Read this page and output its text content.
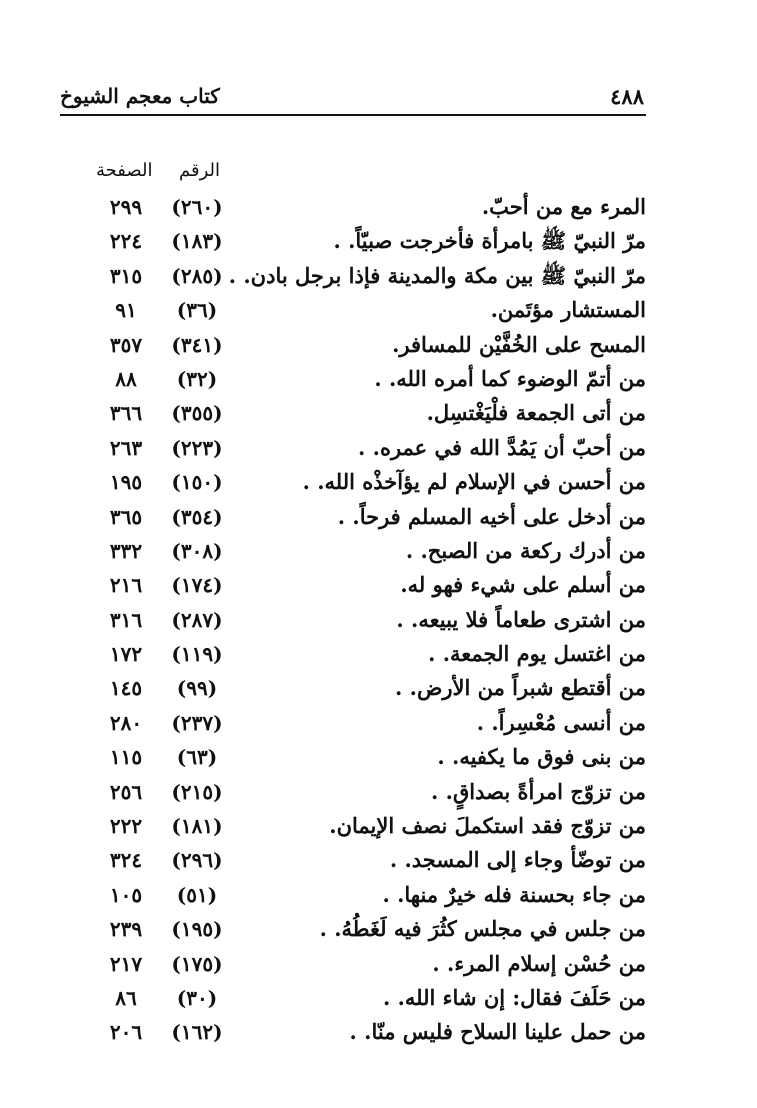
٤٨٨
كتاب معجم الشيوخ
الرقم
الصفحة
المرء مع من أحبّ.
(٢٦٠)
٢٩٩
مرّ النبيّ ﷺ بامرأة فأخرجت صبيّاً. .
(١٨٣)
٢٢٤
مرّ النبيّ ﷺ بين مكة والمدينة فإذا برجل بادن. .
(٢٨٥)
٣١٥
المستشار مؤتَمن.
(٣٦)
٩١
المسح على الخُفَّيْن للمسافر.
(٣٤١)
٣٥٧
من أتمّ الوضوء كما أمره الله. .
(٣٢)
٨٨
من أتى الجمعة فلْيَغْتسِل.
(٣٥٥)
٣٦٦
من أحبّ أن يَمُدَّ الله في عمره. .
(٢٢٣)
٢٦٣
من أحسن في الإسلام لم يؤآخذْه الله. .
(١٥٠)
١٩٥
من أدخل على أخيه المسلم فرحاً. .
(٣٥٤)
٣٦٥
من أدرك ركعة من الصبح. .
(٣٠٨)
٣٣٢
من أسلم على شيء فهو له.
(١٧٤)
٢١٦
من اشترى طعاماً فلا يبيعه. .
(٢٨٧)
٣١٦
من اغتسل يوم الجمعة. .
(١١٩)
١٧٢
من أقتطع شبراً من الأرض. .
(٩٩)
١٤٥
من أنسى مُعْسِراً. .
(٢٣٧)
٢٨٠
من بنى فوق ما يكفيه. .
(٦٣)
١١٥
من تزوّج امرأةً بصداقٍ. .
(٢١٥)
٢٥٦
من تزوّج فقد استكملَ نصف الإيمان.
(١٨١)
٢٢٢
من توضّأ وجاء إلى المسجد. .
(٢٩٦)
٣٢٤
من جاء بحسنة فله خيرٌ منها. .
(٥١)
١٠٥
من جلس في مجلس كثُرَ فيه لَغَطُهُ. .
(١٩٥)
٢٣٩
من حُسْن إسلام المرء. .
(١٧٥)
٢١٧
من حَلَفَ فقال: إن شاء الله. .
(٣٠)
٨٦
من حمل علينا السلاح فليس منّا. .
(١٦٢)
٢٠٦
